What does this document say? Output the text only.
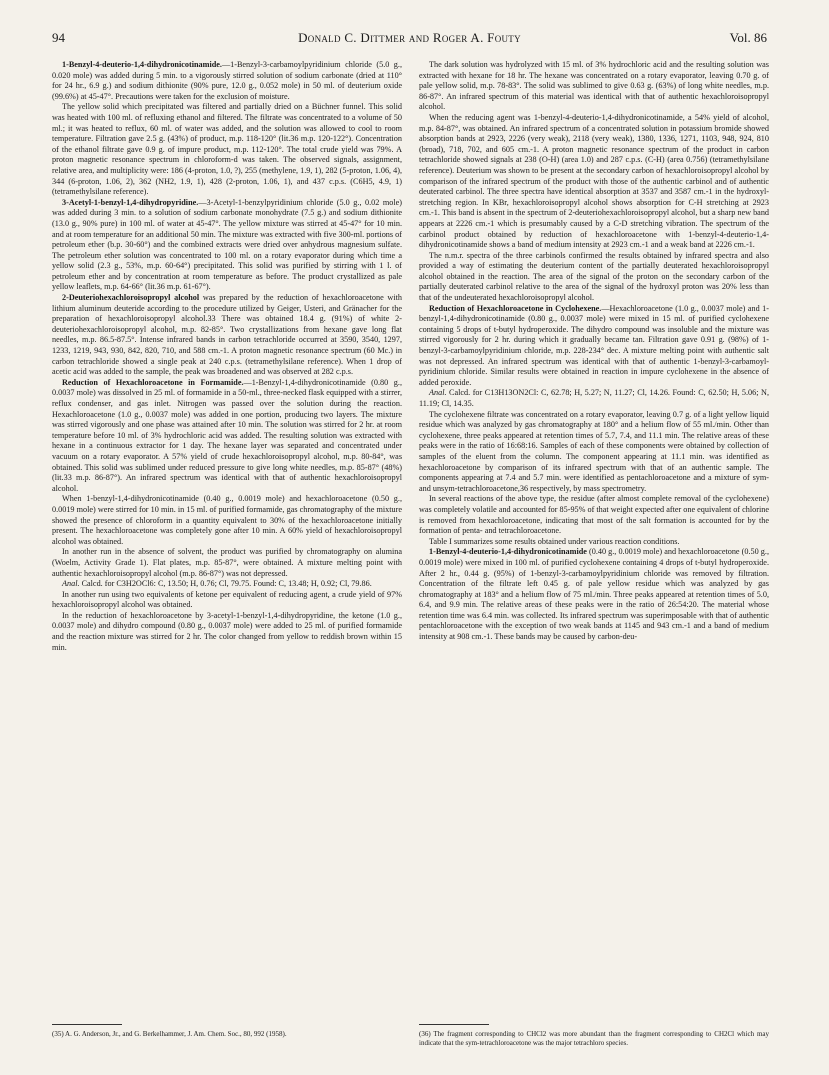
94	Donald C. Dittmer and Roger A. Fouty	Vol. 86

1-Benzyl-4-deuterio-1,4-dihydronicotinamide.—1-Benzyl-3-carbamoylpyridinium chloride (5.0 g., 0.020 mole) was added during 5 min. to a vigorously stirred solution of sodium carbonate (dried at 110° for 24 hr., 6.9 g.) and sodium dithionite (90% pure, 12.0 g., 0.052 mole) in 50 ml. of deuterium oxide (99.6%) at 45-47°. Precautions were taken for the exclusion of moisture.

The yellow solid which precipitated was filtered and partially dried on a Büchner funnel. This solid was heated with 100 ml. of refluxing ethanol and filtered. The filtrate was concentrated to a volume of 50 ml.; it was heated to reflux, 60 ml. of water was added, and the solution was allowed to cool to room temperature. Filtration gave 2.5 g. (43%) of product, m.p. 118-120° (lit.36 m.p. 120-122°). Concentration of the ethanol filtrate gave 0.9 g. of impure product, m.p. 112-120°. The total crude yield was 79%. A proton magnetic resonance spectrum in chloroform-d was taken. The observed signals, assignment, relative area, and multiplicity were: 186 (4-proton, 1.0, ?), 255 (methylene, 1.9, 1), 282 (5-proton, 1.06, 4), 344 (6-proton, 1.06, 2), 362 (NH2, 1.9, 1), 428 (2-proton, 1.06, 1), and 437 c.p.s. (C6H5, 4.9, 1) (tetramethylsilane reference).

3-Acetyl-1-benzyl-1,4-dihydropyridine.—3-Acetyl-1-benzylpyridinium chloride (5.0 g., 0.02 mole) was added during 3 min. to a solution of sodium carbonate monohydrate (7.5 g.) and sodium dithionite (13.0 g., 90% pure) in 100 ml. of water at 45-47°. The yellow mixture was stirred at 45-47° for 10 min. and at room temperature for an additional 50 min. The mixture was extracted with five 300-ml. portions of petroleum ether (b.p. 30-60°) and the combined extracts were dried over anhydrous magnesium sulfate. The petroleum ether solution was concentrated to 100 ml. on a rotary evaporator during which time a yellow solid (2.3 g., 53%, m.p. 60-64°) precipitated. This solid was purified by stirring with 1 l. of petroleum ether and by concentration at room temperature as before. The product crystallized as pale yellow leaflets, m.p. 64-66° (lit.36 m.p. 61-67°).

2-Deuteriohexachloroisopropyl alcohol was prepared by the reduction of hexachloroacetone with lithium aluminum deuteride according to the procedure utilized by Geiger, Usteri, and Gränacher for the preparation of hexachloroisopropyl alcohol.33 There was obtained 18.4 g. (91%) of white 2-deuteriohexachloroisopropyl alcohol, m.p. 82-85°. Two crystallizations from hexane gave long flat needles, m.p. 86.5-87.5°. Intense infrared bands in carbon tetrachloride occurred at 3590, 3540, 1297, 1233, 1219, 943, 930, 842, 820, 710, and 588 cm.-1. A proton magnetic resonance spectrum (60 Mc.) in carbon tetrachloride showed a single peak at 240 c.p.s. (tetramethylsilane reference). When 1 drop of acetic acid was added to the sample, the peak was broadened and was observed at 282 c.p.s.

Reduction of Hexachloroacetone in Formamide.—1-Benzyl-1,4-dihydronicotinamide (0.80 g., 0.0037 mole) was dissolved in 25 ml. of formamide in a 50-ml., three-necked flask equipped with a stirrer, reflux condenser, and gas inlet. Nitrogen was passed over the solution during the reaction. Hexachloroacetone (1.0 g., 0.0037 mole) was added in one portion, producing two layers. The mixture was stirred vigorously and one phase was attained after 10 min. The solution was stirred for 2 hr. at room temperature before 10 ml. of 3% hydrochloric acid was added. The resulting solution was extracted with hexane in a continuous extractor for 1 day. The hexane layer was separated and concentrated under vacuum on a rotary evaporator. A 57% yield of crude hexachloroisopropyl alcohol, m.p. 80-84°, was obtained. This solid was sublimed under reduced pressure to give long white needles, m.p. 85-87° (48%) (lit.33 m.p. 86-87°). An infrared spectrum was identical with that of authentic hexachloroisopropyl alcohol.

When 1-benzyl-1,4-dihydronicotinamide (0.40 g., 0.0019 mole) and hexachloroacetone (0.50 g., 0.0019 mole) were stirred for 10 min. in 15 ml. of purified formamide, gas chromatography of the mixture showed the presence of chloroform in a quantity equivalent to 30% of the hexachloroacetone initially present. The hexachloroacetone was completely gone after 10 min. A 60% yield of hexachloroisopropyl alcohol was obtained.

In another run in the absence of solvent, the product was purified by chromatography on alumina (Woelm, Activity Grade 1). Flat plates, m.p. 85-87°, were obtained. A mixture melting point with authentic hexachloroisopropyl alcohol (m.p. 86-87°) was not depressed.

Anal. Calcd. for C3H2OCl6: C, 13.50; H, 0.76; Cl, 79.75. Found: C, 13.48; H, 0.92; Cl, 79.86.

In another run using two equivalents of ketone per equivalent of reducing agent, a crude yield of 97% hexachloroisopropyl alcohol was obtained.

In the reduction of hexachloroacetone by 3-acetyl-1-benzyl-1,4-dihydropyridine, the ketone (1.0 g., 0.0037 mole) and dihydro compound (0.80 g., 0.0037 mole) were added to 25 ml. of purified formamide and the reaction mixture was stirred for 2 hr. The color changed from yellow to reddish brown within 15 min.

The dark solution was hydrolyzed with 15 ml. of 3% hydrochloric acid and the resulting solution was extracted with hexane for 18 hr. The hexane was concentrated on a rotary evaporator, leaving 0.70 g. of pale yellow solid, m.p. 78-83°. The solid was sublimed to give 0.63 g. (63%) of long white needles, m.p. 86-87°. An infrared spectrum of this material was identical with that of authentic hexachloroisopropyl alcohol.

When the reducing agent was 1-benzyl-4-deuterio-1,4-dihydronicotinamide, a 54% yield of alcohol, m.p. 84-87°, was obtained. An infrared spectrum of a concentrated solution in potassium bromide showed absorption bands at 2923, 2226 (very weak), 2118 (very weak), 1380, 1336, 1271, 1103, 948, 924, 810 (broad), 718, 702, and 605 cm.-1. A proton magnetic resonance spectrum of the product in carbon tetrachloride showed signals at 238 (O-H) (area 1.0) and 287 c.p.s. (C-H) (area 0.756) (tetramethylsilane reference). Deuterium was shown to be present at the secondary carbon of hexachloroisopropyl alcohol by comparison of the infrared spectrum of the product with those of the authentic carbinol and of authentic deuterated carbinol. The three spectra have identical absorption at 3537 and 3587 cm.-1 in the hydroxyl-stretching region. In KBr, hexachloroisopropyl alcohol shows absorption for C-H stretching at 2923 cm.-1. This band is absent in the spectrum of 2-deuteriohexachloroisopropyl alcohol, but a sharp new band appears at 2226 cm.-1 which is presumably caused by a C-D stretching vibration. The spectrum of the carbinol product obtained by reduction of hexachloroacetone with 1-benzyl-4-deuterio-1,4-dihydronicotinamide shows a band of medium intensity at 2923 cm.-1 and a weak band at 2226 cm.-1.

The n.m.r. spectra of the three carbinols confirmed the results obtained by infrared spectra and also provided a way of estimating the deuterium content of the partially deuterated hexachloroisopropyl alcohol obtained in the reaction. The area of the signal of the proton on the secondary carbon of the partially deuterated carbinol relative to the area of the signal of the hydroxyl proton was 20% less than that of the undeuterated hexachloroisopropyl alcohol.

Reduction of Hexachloroacetone in Cyclohexene.—Hexachloroacetone (1.0 g., 0.0037 mole) and 1-benzyl-1,4-dihydronicotinamide (0.80 g., 0.0037 mole) were mixed in 15 ml. of purified cyclohexene containing 5 drops of t-butyl hydroperoxide. The dihydro compound was insoluble and the mixture was stirred vigorously for 2 hr. during which it gradually became tan. Filtration gave 0.91 g. (98%) of 1-benzyl-3-carbamoylpyridinium chloride, m.p. 228-234° dec. A mixture melting point with authentic salt was not depressed. An infrared spectrum was identical with that of authentic 1-benzyl-3-carbamoyl-pyridinium chloride. Similar results were obtained in reaction in impure cyclohexene in the absence of added peroxide.

Anal. Calcd. for C13H13ON2Cl: C, 62.78; H, 5.27; N, 11.27; Cl, 14.26. Found: C, 62.50; H, 5.06; N, 11.19; Cl, 14.35.

The cyclohexene filtrate was concentrated on a rotary evaporator, leaving 0.7 g. of a light yellow liquid residue which was analyzed by gas chromatography at 180° and a helium flow of 55 ml./min. Other than cyclohexene, three peaks appeared at retention times of 5.7, 7.4, and 11.1 min. The relative areas of these peaks were in the ratio of 16:68:16. Samples of each of these components were obtained by collection of samples of the eluent from the column. The component appearing at 11.1 min. was identified as hexachloroacetone by comparison of its infrared spectrum with that of an authentic sample. The components appearing at 7.4 and 5.7 min. were identified as pentachloroacetone and a mixture of sym- and unsym-tetrachloroacetone,36 respectively, by mass spectrometry.

In several reactions of the above type, the residue (after almost complete removal of the cyclohexene) was completely volatile and accounted for 85-95% of that weight expected after one equivalent of chlorine is removed from hexachloroacetone, indicating that most of the salt formation is accounted for by the formation of penta- and tetrachloroacetone.

Table I summarizes some results obtained under various reaction conditions.

1-Benzyl-4-deuterio-1,4-dihydronicotinamide (0.40 g., 0.0019 mole) and hexachloroacetone (0.50 g., 0.0019 mole) were mixed in 100 ml. of purified cyclohexene containing 4 drops of t-butyl hydroperoxide. After 2 hr., 0.44 g. (95%) of 1-benzyl-3-carbamoylpyridinium chloride was removed by filtration. Concentration of the filtrate left 0.45 g. of pale yellow residue which was analyzed by gas chromatography at 183° and a helium flow of 75 ml./min. Three peaks appeared at retention times of 5.0, 6.4, and 9.9 min. The relative areas of these peaks were in the ratio of 26:54:20. The material whose retention time was 6.4 min. was collected. Its infrared spectrum was superimposable with that of authentic pentachloroacetone with the exception of two weak bands at 1145 and 943 cm.-1 and a band of medium intensity at 908 cm.-1. These bands may be caused by carbon-deu-

(35) A. G. Anderson, Jr., and G. Berkelhammer, J. Am. Chem. Soc., 80, 992 (1958).	(36) The fragment corresponding to CHCl2 was more abundant than the fragment corresponding to CH2Cl which may indicate that the sym-tetrachloroacetone was the major tetrachloro species.
